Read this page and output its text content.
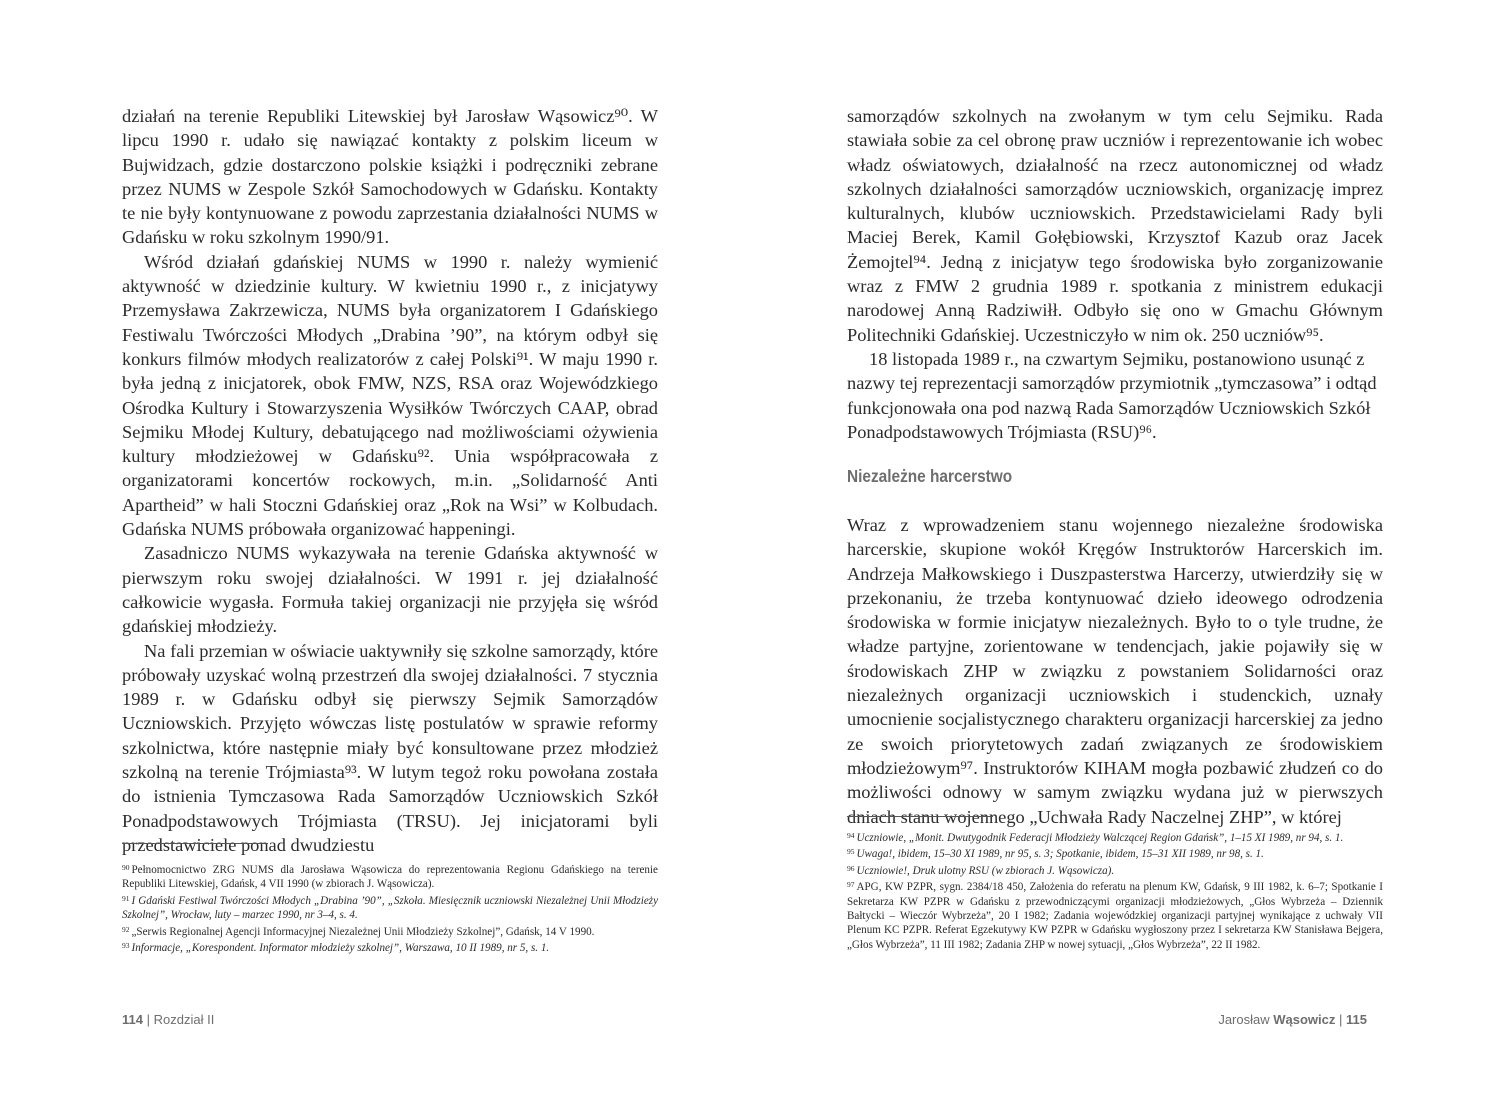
działań na terenie Republiki Litewskiej był Jarosław Wąsowicz⁹⁰. W lipcu 1990 r. udało się nawiązać kontakty z polskim liceum w Bujwidzach, gdzie dostarczono polskie książki i podręczniki zebrane przez NUMS w Zespole Szkół Samochodowych w Gdańsku. Kontakty te nie były kontynuowane z powodu zaprzestania działalności NUMS w Gdańsku w roku szkolnym 1990/91.

Wśród działań gdańskiej NUMS w 1990 r. należy wymienić aktywność w dziedzinie kultury. W kwietniu 1990 r., z inicjatywy Przemysława Zakrzewicza, NUMS była organizatorem I Gdańskiego Festiwalu Twórczości Młodych „Drabina ’90”, na którym odbył się konkurs filmów młodych realizatorów z całej Polski⁹¹. W maju 1990 r. była jedną z inicjatorek, obok FMW, NZS, RSA oraz Wojewódzkiego Ośrodka Kultury i Stowarzyszenia Wysiłków Twórczych CAAP, obrad Sejmiku Młodej Kultury, debatującego nad możliwościami ożywienia kultury młodzieżowej w Gdańsku⁹². Unia współpracowała z organizatorami koncertów rockowych, m.in. „Solidarność Anti Apartheid” w hali Stoczni Gdańskiej oraz „Rok na Wsi” w Kolbudach. Gdańska NUMS próbowała organizować happeningi.

Zasadniczo NUMS wykazywała na terenie Gdańska aktywność w pierwszym roku swojej działalności. W 1991 r. jej działalność całkowicie wygasła. Formuła takiej organizacji nie przyjęła się wśród gdańskiej młodzieży.

Na fali przemian w oświacie uaktywniły się szkolne samorządy, które próbowały uzyskać wolną przestrzeń dla swojej działalności. 7 stycznia 1989 r. w Gdańsku odbył się pierwszy Sejmik Samorządów Uczniowskich. Przyjęto wówczas listę postulatów w sprawie reformy szkolnictwa, które następnie miały być konsultowane przez młodzież szkolną na terenie Trójmiasta⁹³. W lutym tegoż roku powołana została do istnienia Tymczasowa Rada Samorządów Uczniowskich Szkół Ponadpodstawowych Trójmiasta (TRSU). Jej inicjatorami byli przedstawiciele ponad dwudziestu

$^{90}$ Pełnomocnictwo ZRG NUMS dla Jarosława Wąsowicza do reprezentowania Regionu Gdańskiego na terenie Republiki Litewskiej, Gdańsk, 4 VII 1990 (w zbiorach J. Wąsowicza).

$^{91}$ I Gdański Festiwal Twórczości Młodych „Drabina ’90”, „Szkoła. Miesięcznik uczniowski Niezależnej Unii Młodzieży Szkolnej”, Wrocław, luty – marzec 1990, nr 3–4, s. 4.

$^{92}$ „Serwis Regionalnej Agencji Informacyjnej Niezależnej Unii Młodzieży Szkolnej”, Gdańsk, 14 V 1990.

$^{93}$ Informacje, „Korespondent. Informator młodzieży szkolnej”, Warszawa, 10 II 1989, nr 5, s. 1.

114 | Rozdział II

samorządów szkolnych na zwołanym w tym celu Sejmiku. Rada stawiała sobie za cel obronę praw uczniów i reprezentowanie ich wobec władz oświatowych, działalność na rzecz autonomicznej od władz szkolnych działalności samorządów uczniowskich, organizację imprez kulturalnych, klubów uczniowskich. Przedstawicielami Rady byli Maciej Berek, Kamil Gołębiowski, Krzysztof Kazub oraz Jacek Żemojtel⁹⁴. Jedną z inicjatyw tego środowiska było zorganizowanie wraz z FMW 2 grudnia 1989 r. spotkania z ministrem edukacji narodowej Anną Radziwiłł. Odbyło się ono w Gmachu Głównym Politechniki Gdańskiej. Uczestniczyło w nim ok. 250 uczniów⁹⁵.

18 listopada 1989 r., na czwartym Sejmiku, postanowiono usunąć z nazwy tej reprezentacji samorządów przymiotnik „tymczasowa” i odtąd funkcjonowała ona pod nazwą Rada Samorządów Uczniowskich Szkół Ponadpodstawowych Trójmiasta (RSU)⁹⁶.

Niezależne harcerstwo

Wraz z wprowadzeniem stanu wojennego niezależne środowiska harcerskie, skupione wokół Kręgów Instruktorów Harcerskich im. Andrzeja Małkowskiego i Duszpasterstwa Harcerzy, utwierdziły się w przekonaniu, że trzeba kontynuować dzieło ideowego odrodzenia środowiska w formie inicjatyw niezależnych. Było to o tyle trudne, że władze partyjne, zorientowane w tendencjach, jakie pojawiły się w środowiskach ZHP w związku z powstaniem Solidarności oraz niezależnych organizacji uczniowskich i studenckich, uznały umocnienie socjalistycznego charakteru organizacji harcerskiej za jedno ze swoich priorytetowych zadań związanych ze środowiskiem młodzieżowym⁹⁷. Instruktorów KIHAM mogła pozbawić złudzeń co do możliwości odnowy w samym związku wydana już w pierwszych dniach stanu wojennego „Uchwała Rady Naczelnej ZHP”, w której

$^{94}$ Uczniowie, „Monit. Dwutygodnik Federacji Młodzieży Walczącej Region Gdańsk”, 1–15 XI 1989, nr 94, s. 1.

$^{95}$ Uwaga!, ibidem, 15–30 XI 1989, nr 95, s. 3; Spotkanie, ibidem, 15–31 XII 1989, nr 98, s. 1.

$^{96}$ Uczniowie!, Druk ulotny RSU (w zbiorach J. Wąsowicza).

$^{97}$ APG, KW PZPR, sygn. 2384/18 450, Założenia do referatu na plenum KW, Gdańsk, 9 III 1982, k. 6–7; Spotkanie I Sekretarza KW PZPR w Gdańsku z przewodniczącymi organizacji młodzieżowych, „Głos Wybrzeża – Dziennik Bałtycki – Wieczór Wybrzeża”, 20 I 1982; Zadania wojewódzkiej organizacji partyjnej wynikające z uchwały VII Plenum KC PZPR. Referat Egzekutywy KW PZPR w Gdańsku wygłoszony przez I sekretarza KW Stanisława Bejgera, „Głos Wybrzeża”, 11 III 1982; Zadania ZHP w nowej sytuacji, „Głos Wybrzeża”, 22 II 1982.

Jarosław Wąsowicz | 115
